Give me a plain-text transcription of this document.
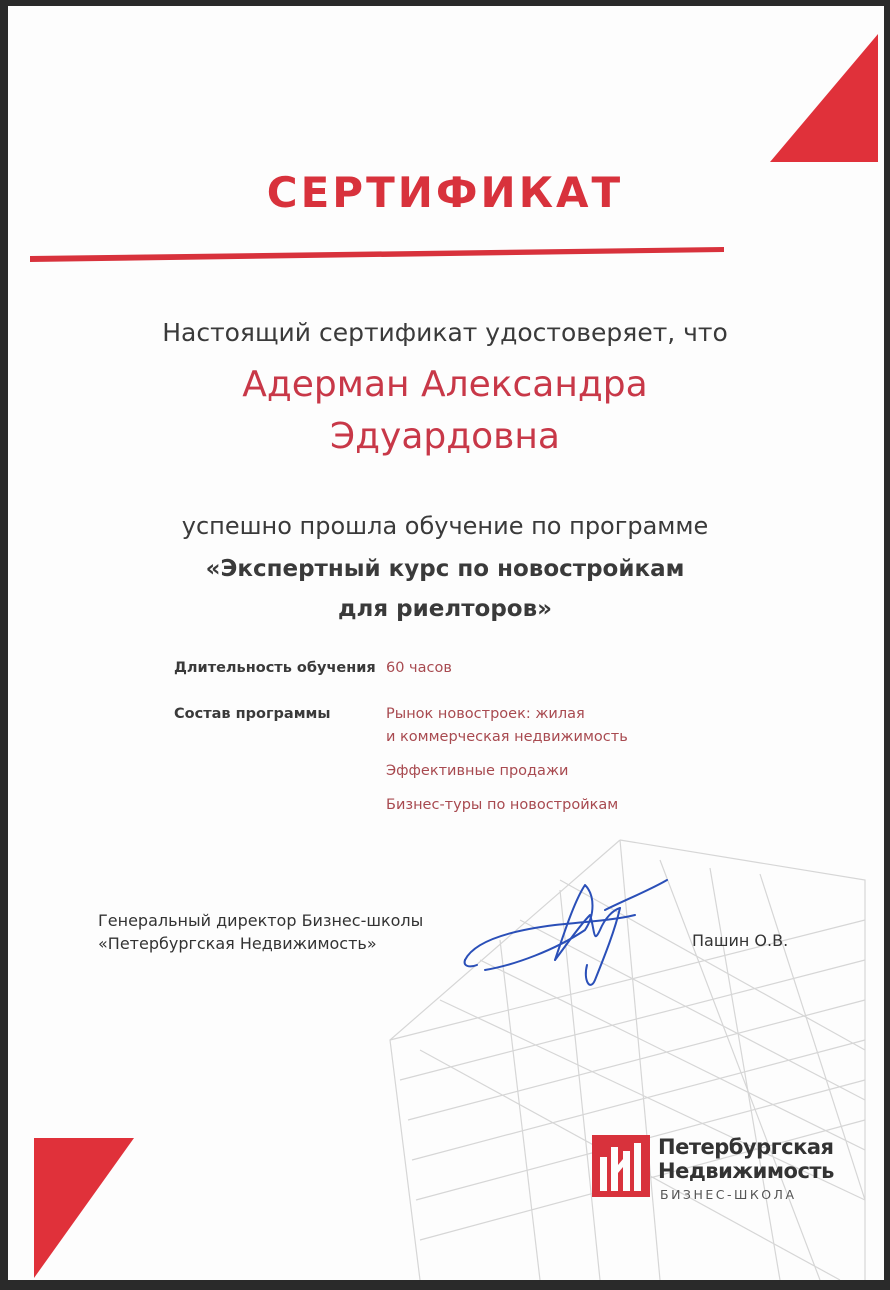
СЕРТИФИКАТ
Настоящий сертификат удостоверяет, что
Адерман Александра
Эдуардовна
успешно прошла обучение по программе
«Экспертный курс по новостройкам
для риелторов»
Длительность обучения 60 часов
Состав программы	Рынок новостроек: жилая
и коммерческая недвижимость
Эффективные продажи
Бизнес-туры по новостройкам
Генеральный директор Бизнес-школы
«Петербургская Недвижимость»	Пашин О.В.
Петербургская
Недвижимость
БИЗНЕС-ШКОЛА
